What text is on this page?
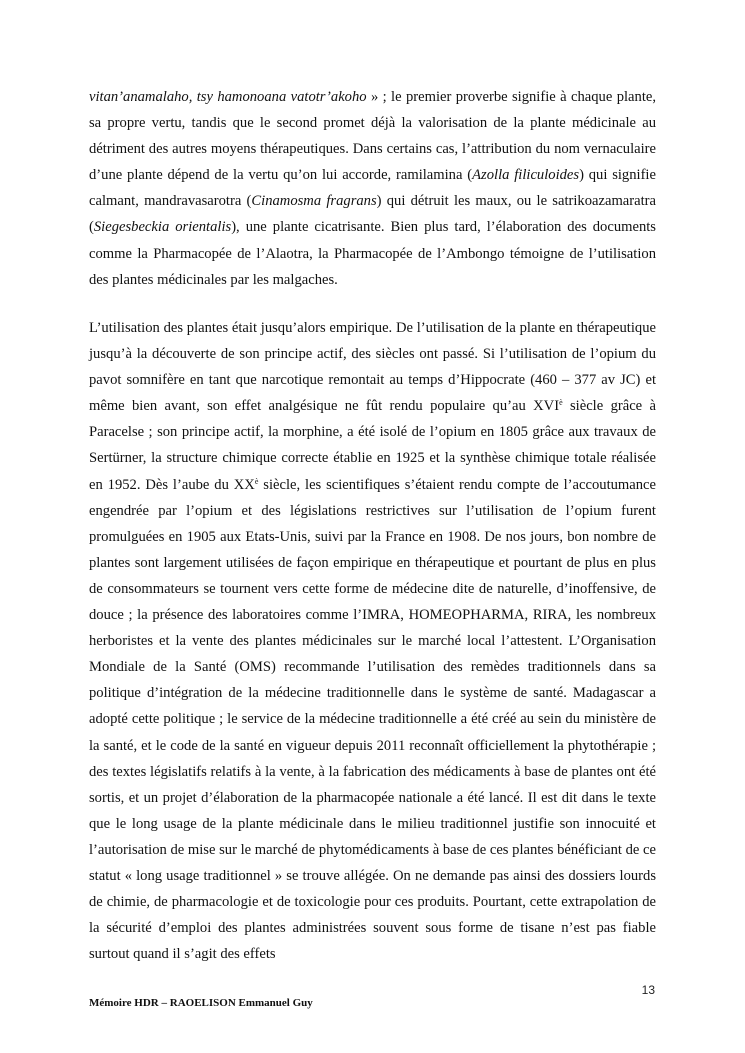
vitan’anamalaho, tsy hamonoana vatotr’akoho » ; le premier proverbe signifie à chaque plante, sa propre vertu, tandis que le second promet déjà la valorisation de la plante médicinale au détriment des autres moyens thérapeutiques. Dans certains cas, l’attribution du nom vernaculaire d’une plante dépend de la vertu qu’on lui accorde, ramilamina (Azolla filiculoides) qui signifie calmant, mandravasarotra (Cinamosma fragrans) qui détruit les maux, ou le satrikoazamaratra (Siegesbeckia orientalis), une plante cicatrisante. Bien plus tard, l’élaboration des documents comme la Pharmacopée de l’Alaotra, la Pharmacopée de l’Ambongo témoigne de l’utilisation des plantes médicinales par les malgaches.

L’utilisation des plantes était jusqu’alors empirique. De l’utilisation de la plante en thérapeutique jusqu’à la découverte de son principe actif, des siècles ont passé. Si l’utilisation de l’opium du pavot somnifère en tant que narcotique remontait au temps d’Hippocrate (460 – 377 av JC) et même bien avant, son effet analgésique ne fût rendu populaire qu’au $XVI^è$ siècle grâce à Paracelse ; son principe actif, la morphine, a été isolé de l’opium en 1805 grâce aux travaux de Sertürner, la structure chimique correcte établie en 1925 et la synthèse chimique totale réalisée en 1952. Dès l’aube du $XX^è$ siècle, les scientifiques s’étaient rendu compte de l’accoutumance engendrée par l’opium et des législations restrictives sur l’utilisation de l’opium furent promulguées en 1905 aux Etats-Unis, suivi par la France en 1908. De nos jours, bon nombre de plantes sont largement utilisées de façon empirique en thérapeutique et pourtant de plus en plus de consommateurs se tournent vers cette forme de médecine dite de naturelle, d’inoffensive, de douce ; la présence des laboratoires comme l’IMRA, HOMEOPHARMA, RIRA, les nombreux herboristes et la vente des plantes médicinales sur le marché local l’attestent. L’Organisation Mondiale de la Santé (OMS) recommande l’utilisation des remèdes traditionnels dans sa politique d’intégration de la médecine traditionnelle dans le système de santé. Madagascar a adopté cette politique ; le service de la médecine traditionnelle a été créé au sein du ministère de la santé, et le code de la santé en vigueur depuis 2011 reconnaît officiellement la phytothérapie ; des textes législatifs relatifs à la vente, à la fabrication des médicaments à base de plantes ont été sortis, et un projet d’élaboration de la pharmacopée nationale a été lancé. Il est dit dans le texte que le long usage de la plante médicinale dans le milieu traditionnel justifie son innocuité et l’autorisation de mise sur le marché de phytomédicaments à base de ces plantes bénéficiant de ce statut « long usage traditionnel » se trouve allégée. On ne demande pas ainsi des dossiers lourds de chimie, de pharmacologie et de toxicologie pour ces produits. Pourtant, cette extrapolation de la sécurité d’emploi des plantes administrées souvent sous forme de tisane n’est pas fiable surtout quand il s’agit des effets

13
Mémoire HDR – RAOELISON Emmanuel Guy
